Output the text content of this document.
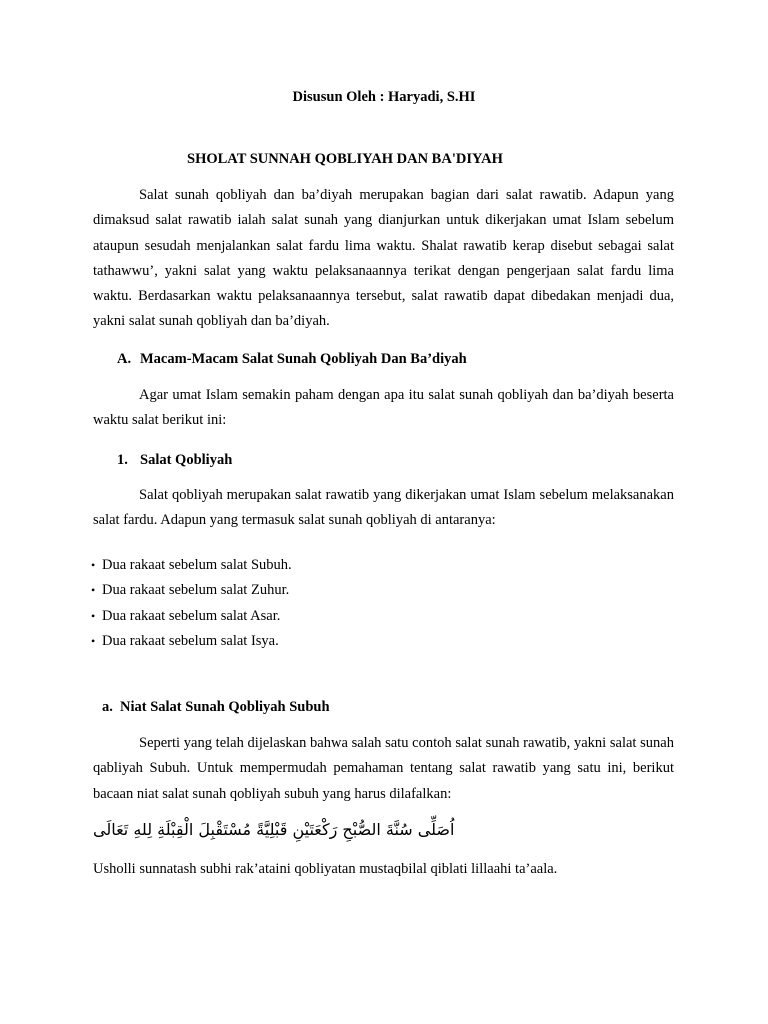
Disusun Oleh : Haryadi, S.HI
SHOLAT SUNNAH QOBLIYAH DAN BA'DIYAH

Salat sunah qobliyah dan ba’diyah merupakan bagian dari salat rawatib. Adapun yang dimaksud salat rawatib ialah salat sunah yang dianjurkan untuk dikerjakan umat Islam sebelum ataupun sesudah menjalankan salat fardu lima waktu. Shalat rawatib kerap disebut sebagai salat tathawwu’, yakni salat yang waktu pelaksanaannya terikat dengan pengerjaan salat fardu lima waktu. Berdasarkan waktu pelaksanaannya tersebut, salat rawatib dapat dibedakan menjadi dua, yakni salat sunah qobliyah dan ba’diyah.

A. Macam-Macam Salat Sunah Qobliyah Dan Ba’diyah

Agar umat Islam semakin paham dengan apa itu salat sunah qobliyah dan ba’diyah beserta waktu salat berikut ini:

1. Salat Qobliyah

Salat qobliyah merupakan salat rawatib yang dikerjakan umat Islam sebelum melaksanakan salat fardu. Adapun yang termasuk salat sunah qobliyah di antaranya:

• Dua rakaat sebelum salat Subuh.
• Dua rakaat sebelum salat Zuhur.
• Dua rakaat sebelum salat Asar.
• Dua rakaat sebelum salat Isya.
a. Niat Salat Sunah Qobliyah Subuh

Seperti yang telah dijelaskan bahwa salah satu contoh salat sunah rawatib, yakni salat sunah qabliyah Subuh. Untuk mempermudah pemahaman tentang salat rawatib yang satu ini, berikut bacaan niat salat sunah qobliyah subuh yang harus dilafalkan:

اُصَلِّى سُنَّةَ الصُّبْحِ رَكْعَتَيْنِ قَبْلِيَّةً مُسْتَقْبِلَ الْقِبْلَةِ لِلهِ تَعَالَى
Usholli sunnatash subhi rak’ataini qobliyatan mustaqbilal qiblati lillaahi ta’aala.
